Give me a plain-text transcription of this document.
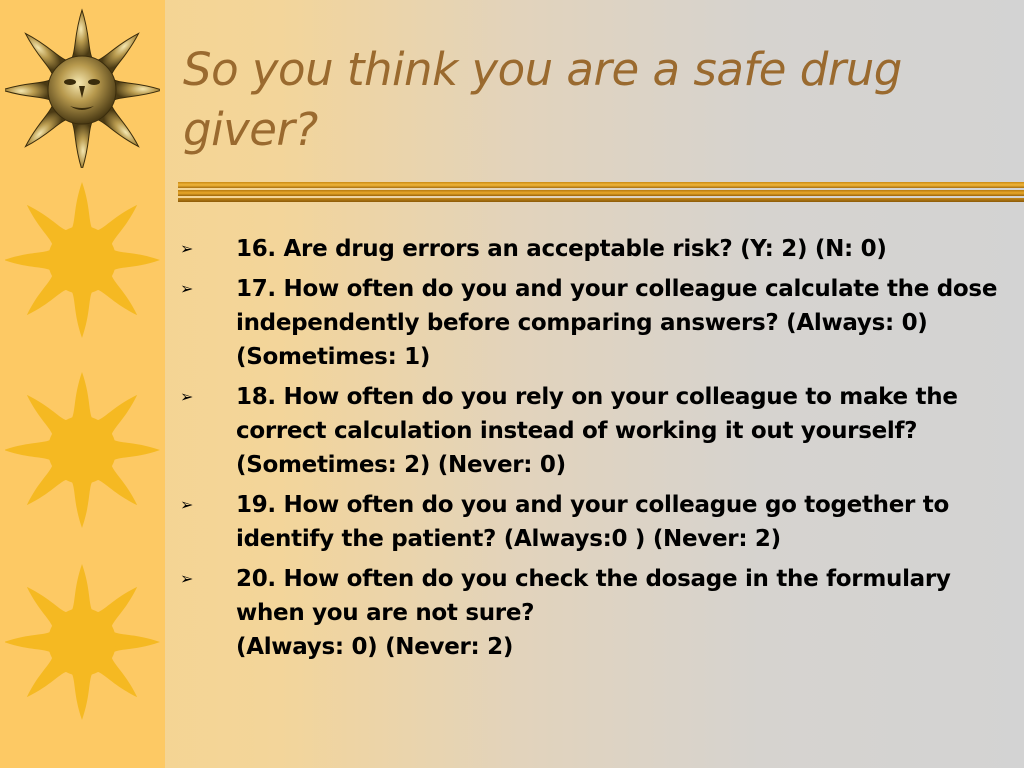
So you think you are a safe drug giver?
➢ 16. Are drug errors an acceptable risk? (Y: 2) (N: 0)
➢ 17. How often do you and your colleague calculate the dose independently before comparing answers? (Always: 0) (Sometimes: 1)
➢ 18. How often do you rely on your colleague to make the correct calculation instead of working it out yourself? (Sometimes: 2) (Never: 0)
➢ 19. How often do you and your colleague go together to identify the patient? (Always:0 ) (Never: 2)
➢ 20. How often do you check the dosage in the formulary when you are not sure?
(Always: 0) (Never: 2)
